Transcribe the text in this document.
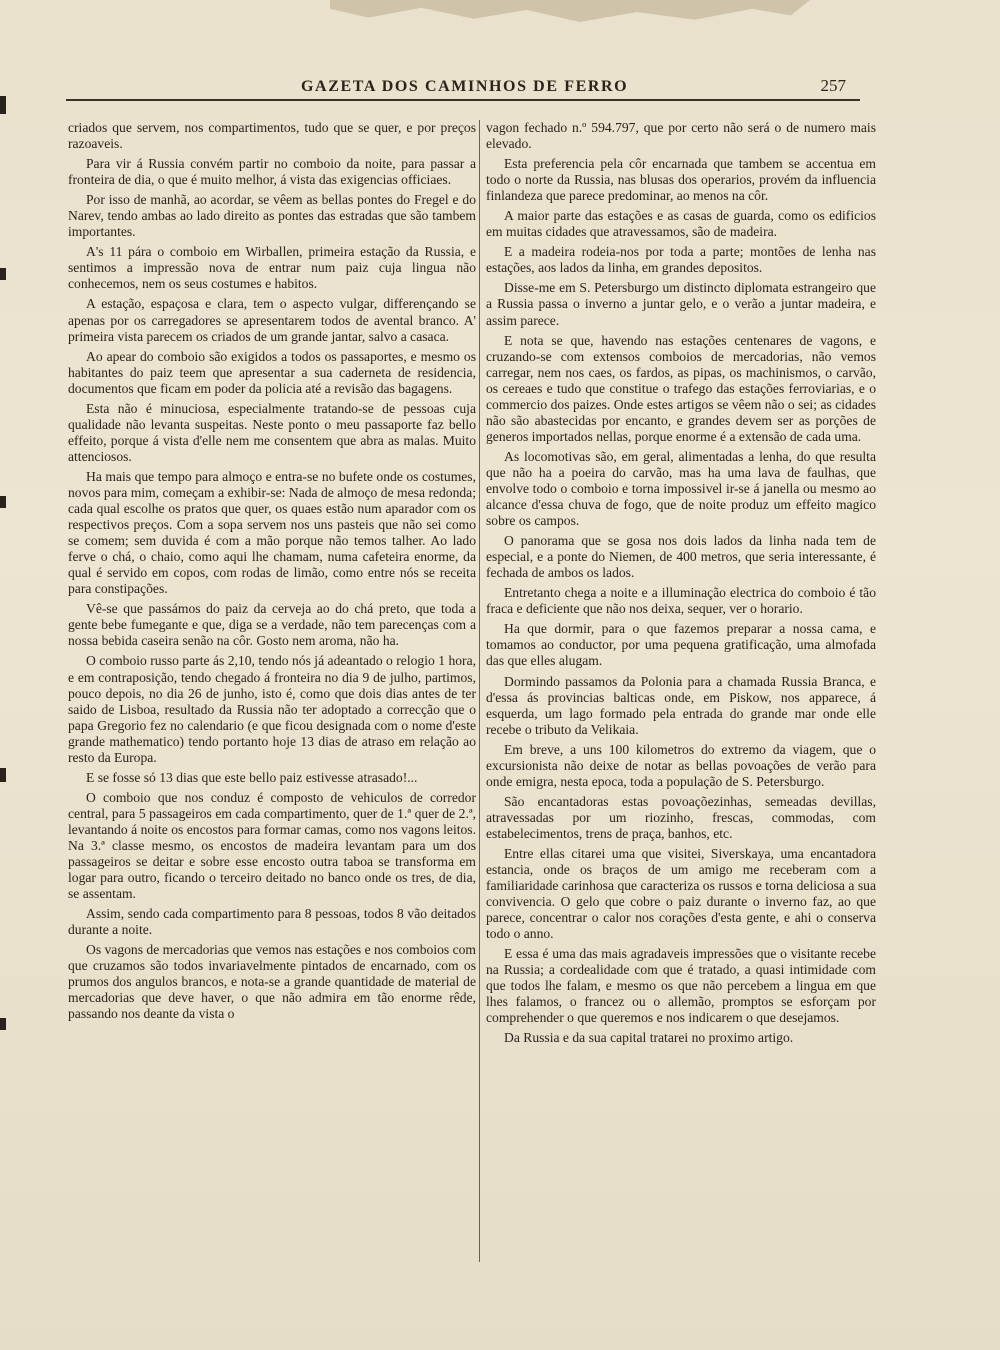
GAZETA DOS CAMINHOS DE FERRO	257

criados que servem, nos compartimentos, tudo que se quer, e por preços razoaveis.

Para vir á Russia convém partir no comboio da noite, para passar a fronteira de dia, o que é muito melhor, á vista das exigencias officiaes.

Por isso de manhã, ao acordar, se vêem as bellas pontes do Fregel e do Narev, tendo ambas ao lado direito as pontes das estradas que são tambem importantes.

A's 11 pára o comboio em Wirballen, primeira estação da Russia, e sentimos a impressão nova de entrar num paiz cuja lingua não conhecemos, nem os seus costumes e habitos.

A estação, espaçosa e clara, tem o aspecto vulgar, differençando se apenas por os carregadores se apresentarem todos de avental branco. A' primeira vista parecem os criados de um grande jantar, salvo a casaca.

Ao apear do comboio são exigidos a todos os passaportes, e mesmo os habitantes do paiz teem que apresentar a sua caderneta de residencia, documentos que ficam em poder da policia até a revisão das bagagens.

Esta não é minuciosa, especialmente tratando-se de pessoas cuja qualidade não levanta suspeitas. Neste ponto o meu passaporte faz bello effeito, porque á vista d'elle nem me consentem que abra as malas. Muito attenciosos.

Ha mais que tempo para almoço e entra-se no bufete onde os costumes, novos para mim, começam a exhibir-se: Nada de almoço de mesa redonda; cada qual escolhe os pratos que quer, os quaes estão num aparador com os respectivos preços. Com a sopa servem nos uns pasteis que não sei como se comem; sem duvida é com a mão porque não temos talher. Ao lado ferve o chá, o chaio, como aqui lhe chamam, numa cafeteira enorme, da qual é servido em copos, com rodas de limão, como entre nós se receita para constipações.

Vê-se que passámos do paiz da cerveja ao do chá preto, que toda a gente bebe fumegante e que, diga se a verdade, não tem parecenças com a nossa bebida caseira senão na côr. Gosto nem aroma, não ha.

O comboio russo parte ás 2,10, tendo nós já adeantado o relogio 1 hora, e em contraposição, tendo chegado á fronteira no dia 9 de julho, partimos, pouco depois, no dia 26 de junho, isto é, como que dois dias antes de ter saido de Lisboa, resultado da Russia não ter adoptado a correcção que o papa Gregorio fez no calendario (e que ficou designada com o nome d'este grande mathematico) tendo portanto hoje 13 dias de atraso em relação ao resto da Europa.

E se fosse só 13 dias que este bello paiz estivesse atrasado!...

O comboio que nos conduz é composto de vehiculos de corredor central, para 5 passageiros em cada compartimento, quer de 1.ª quer de 2.ª, levantando á noite os encostos para formar camas, como nos vagons leitos. Na 3.ª classe mesmo, os encostos de madeira levantam para um dos passageiros se deitar e sobre esse encosto outra taboa se transforma em logar para outro, ficando o terceiro deitado no banco onde os tres, de dia, se assentam.

Assim, sendo cada compartimento para 8 pessoas, todos 8 vão deitados durante a noite.

Os vagons de mercadorias que vemos nas estações e nos comboios com que cruzamos são todos invariavelmente pintados de encarnado, com os prumos dos angulos brancos, e nota-se a grande quantidade de material de mercadorias que deve haver, o que não admira em tão enorme rêde, passando nos deante da vista o

vagon fechado n.º 594.797, que por certo não será o de numero mais elevado.

Esta preferencia pela côr encarnada que tambem se accentua em todo o norte da Russia, nas blusas dos operarios, provém da influencia finlandeza que parece predominar, ao menos na côr.

A maior parte das estações e as casas de guarda, como os edificios em muitas cidades que atravessamos, são de madeira.

E a madeira rodeia-nos por toda a parte; montões de lenha nas estações, aos lados da linha, em grandes depositos.

Disse-me em S. Petersburgo um distincto diplomata estrangeiro que a Russia passa o inverno a juntar gelo, e o verão a juntar madeira, e assim parece.

E nota se que, havendo nas estações centenares de vagons, e cruzando-se com extensos comboios de mercadorias, não vemos carregar, nem nos caes, os fardos, as pipas, os machinismos, o carvão, os cereaes e tudo que constitue o trafego das estações ferroviarias, e o commercio dos paizes. Onde estes artigos se vêem não o sei; as cidades não são abastecidas por encanto, e grandes devem ser as porções de generos importados nellas, porque enorme é a extensão de cada uma.

As locomotivas são, em geral, alimentadas a lenha, do que resulta que não ha a poeira do carvão, mas ha uma lava de faulhas, que envolve todo o comboio e torna impossivel ir-se á janella ou mesmo ao alcance d'essa chuva de fogo, que de noite produz um effeito magico sobre os campos.

O panorama que se gosa nos dois lados da linha nada tem de especial, e a ponte do Niemen, de 400 metros, que seria interessante, é fechada de ambos os lados.

Entretanto chega a noite e a illuminação electrica do comboio é tão fraca e deficiente que não nos deixa, sequer, ver o horario.

Ha que dormir, para o que fazemos preparar a nossa cama, e tomamos ao conductor, por uma pequena gratificação, uma almofada das que elles alugam.

Dormindo passamos da Polonia para a chamada Russia Branca, e d'essa ás provincias balticas onde, em Piskow, nos apparece, á esquerda, um lago formado pela entrada do grande mar onde elle recebe o tributo da Velikaia.

Em breve, a uns 100 kilometros do extremo da viagem, que o excursionista não deixe de notar as bellas povoações de verão para onde emigra, nesta epoca, toda a população de S. Petersburgo.

São encantadoras estas povoaçõezinhas, semeadas devillas, atravessadas por um riozinho, frescas, commodas, com estabelecimentos, trens de praça, banhos, etc.

Entre ellas citarei uma que visitei, Siverskaya, uma encantadora estancia, onde os braços de um amigo me receberam com a familiaridade carinhosa que caracteriza os russos e torna deliciosa a sua convivencia. O gelo que cobre o paiz durante o inverno faz, ao que parece, concentrar o calor nos corações d'esta gente, e ahi o conserva todo o anno.

E essa é uma das mais agradaveis impressões que o visitante recebe na Russia; a cordealidade com que é tratado, a quasi intimidade com que todos lhe falam, e mesmo os que não percebem a lingua em que lhes falamos, o francez ou o allemão, promptos se esforçam por comprehender o que queremos e nos indicarem o que desejamos.

Da Russia e da sua capital tratarei no proximo artigo.
